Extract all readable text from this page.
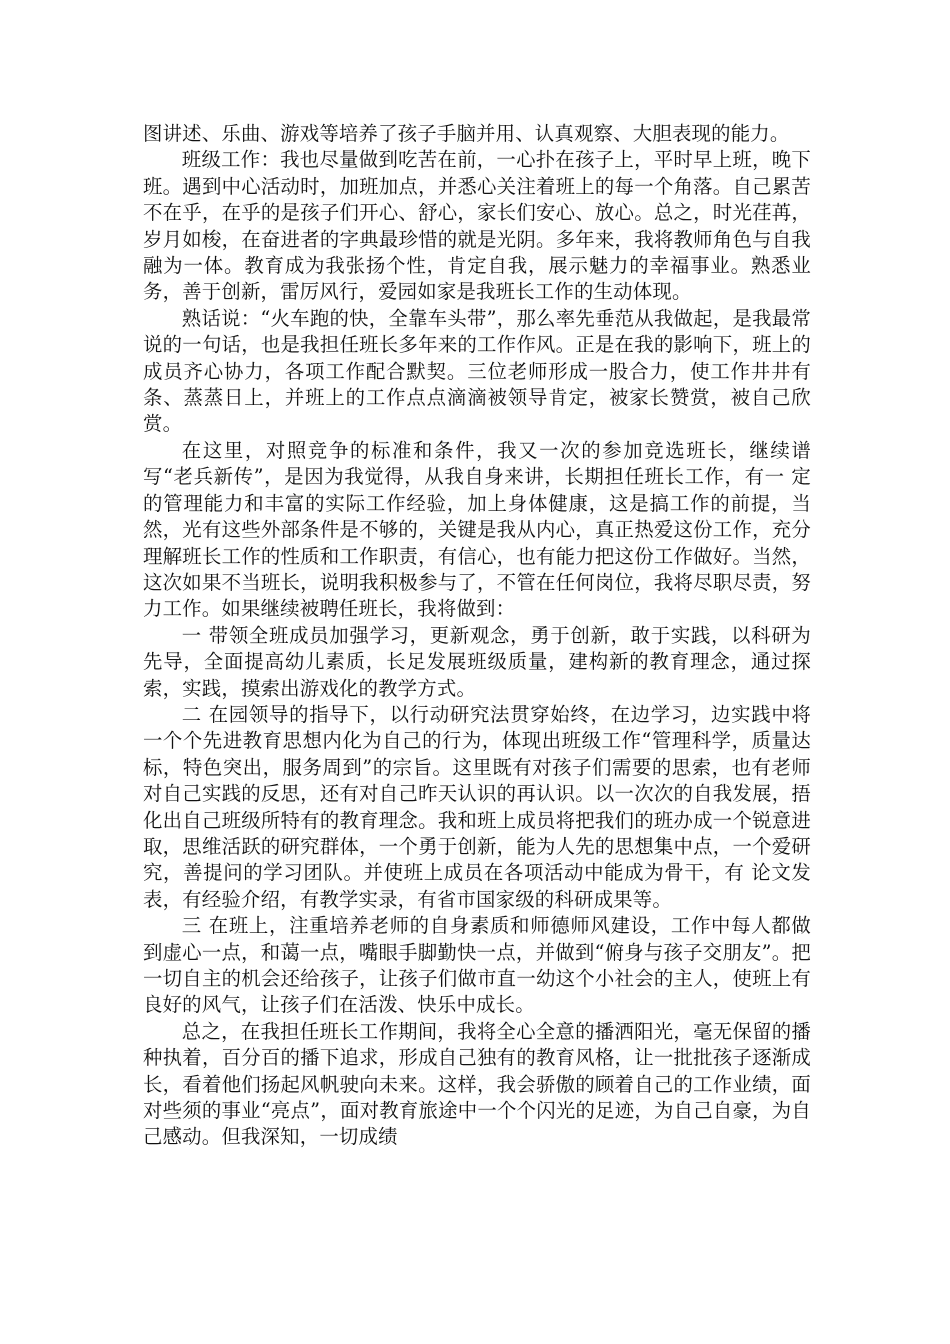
图讲述、乐曲、游戏等培养了孩子手脑并用、认真观察、大胆表现的能力。

班级工作：我也尽量做到吃苦在前，一心扑在孩子上，平时早上班，晚下班。遇到中心活动时，加班加点，并悉心关注着班上的每一个角落。自己累苦不在乎，在乎的是孩子们开心、舒心，家长们安心、放心。总之，时光荏苒，岁月如梭，在奋进者的字典最珍惜的就是光阴。多年来，我将教师角色与自我融为一体。教育成为我张扬个性，肯定自我，展示魅力的幸福事业。熟悉业务，善于创新，雷厉风行，爱园如家是我班长工作的生动体现。

熟话说：“火车跑的快，全靠车头带”，那么率先垂范从我做起，是我最常说的一句话，也是我担任班长多年来的工作作风。正是在我的影响下，班上的成员齐心协力，各项工作配合默契。三位老师形成一股合力，使工作井井有条、蒸蒸日上，并班上的工作点点滴滴被领导肯定，被家长赞赏，被自己欣赏。

在这里，对照竞争的标准和条件，我又一次的参加竞选班长，继续谱写“老兵新传”，是因为我觉得，从我自身来讲，长期担任班长工作，有一 定的管理能力和丰富的实际工作经验，加上身体健康，这是搞工作的前提，当然，光有这些外部条件是不够的，关键是我从内心，真正热爱这份工作，充分理解班长工作的性质和工作职责，有信心，也有能力把这份工作做好。当然，这次如果不当班长，说明我积极参与了，不管在任何岗位，我将尽职尽责，努力工作。如果继续被聘任班长，我将做到：

一 带领全班成员加强学习，更新观念，勇于创新，敢于实践，以科研为先导，全面提高幼儿素质，长足发展班级质量，建构新的教育理念，通过探索，实践，摸索出游戏化的教学方式。

二 在园领导的指导下，以行动研究法贯穿始终，在边学习，边实践中将一个个先进教育思想内化为自己的行为，体现出班级工作“管理科学，质量达标，特色突出，服务周到”的宗旨。这里既有对孩子们需要的思索，也有老师对自己实践的反思，还有对自己昨天认识的再认识。以一次次的自我发展，捂化出自己班级所特有的教育理念。我和班上成员将把我们的班办成一个锐意进取，思维活跃的研究群体，一个勇于创新，能为人先的思想集中点，一个爱研究，善提问的学习团队。并使班上成员在各项活动中能成为骨干，有 论文发表，有经验介绍，有教学实录，有省市国家级的科研成果等。

三 在班上，注重培养老师的自身素质和师德师风建设，工作中每人都做到虚心一点，和蔼一点，嘴眼手脚勤快一点，并做到“俯身与孩子交朋友”。把一切自主的机会还给孩子，让孩子们做市直一幼这个小社会的主人，使班上有良好的风气，让孩子们在活泼、快乐中成长。

总之，在我担任班长工作期间，我将全心全意的播洒阳光，毫无保留的播种执着，百分百的播下追求，形成自己独有的教育风格，让一批批孩子逐渐成长，看着他们扬起风帆驶向未来。这样，我会骄傲的顾着自己的工作业绩，面对些须的事业“亮点”，面对教育旅途中一个个闪光的足迹，为自己自豪，为自己感动。但我深知，一切成绩
